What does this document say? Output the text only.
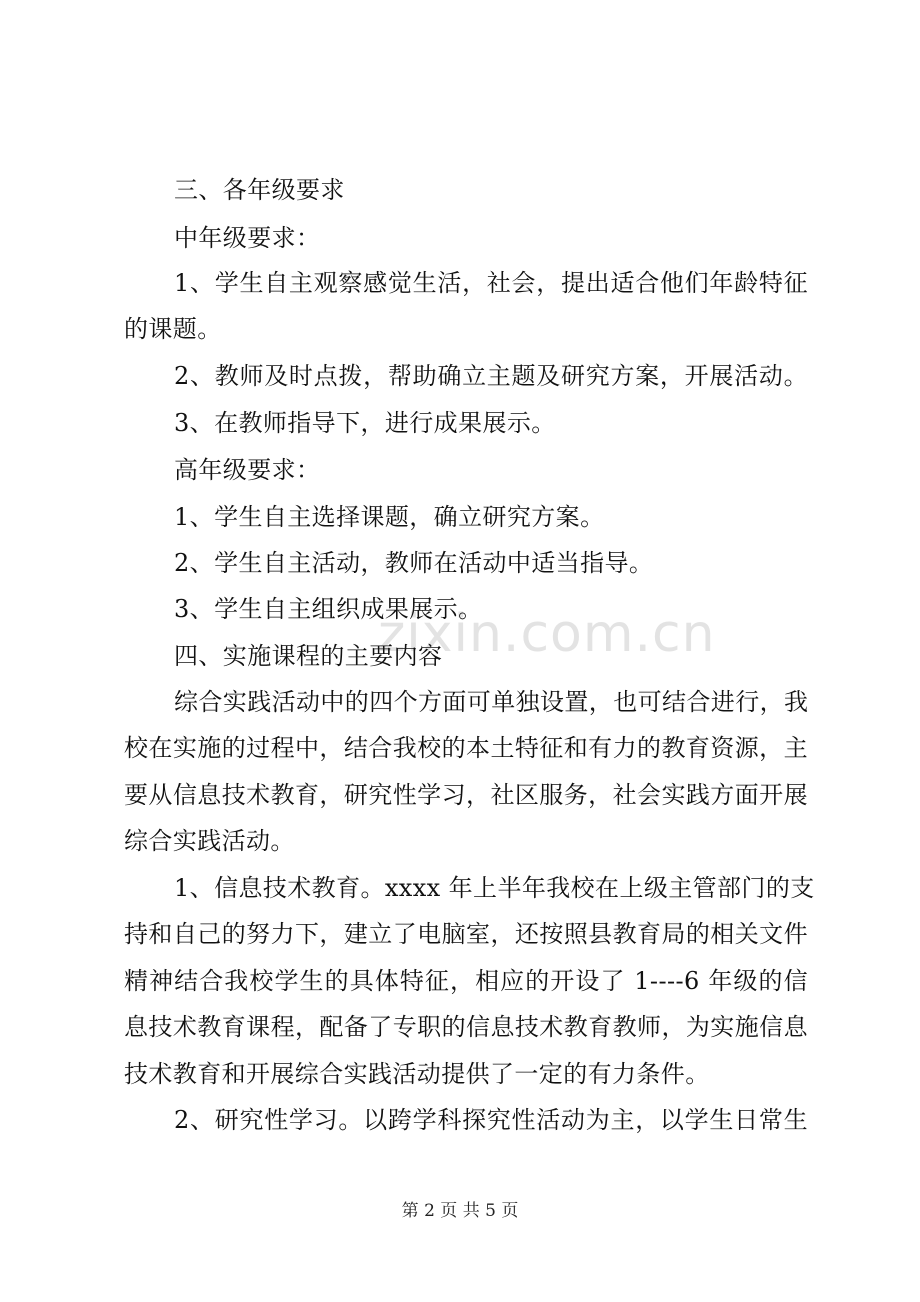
zixin.com.cn
三、各年级要求
中年级要求：
1、学生自主观察感觉生活，社会，提出适合他们年龄特征
的课题。
2、教师及时点拨，帮助确立主题及研究方案，开展活动。
3、在教师指导下，进行成果展示。
高年级要求：
1、学生自主选择课题，确立研究方案。
2、学生自主活动，教师在活动中适当指导。
3、学生自主组织成果展示。
四、实施课程的主要内容
综合实践活动中的四个方面可单独设置，也可结合进行，我
校在实施的过程中，结合我校的本土特征和有力的教育资源，主
要从信息技术教育，研究性学习，社区服务，社会实践方面开展
综合实践活动。
1、信息技术教育。xxxx 年上半年我校在上级主管部门的支
持和自己的努力下，建立了电脑室，还按照县教育局的相关文件
精神结合我校学生的具体特征，相应的开设了 1----6 年级的信
息技术教育课程，配备了专职的信息技术教育教师，为实施信息
技术教育和开展综合实践活动提供了一定的有力条件。
2、研究性学习。以跨学科探究性活动为主，以学生日常生
第 2 页 共 5 页
